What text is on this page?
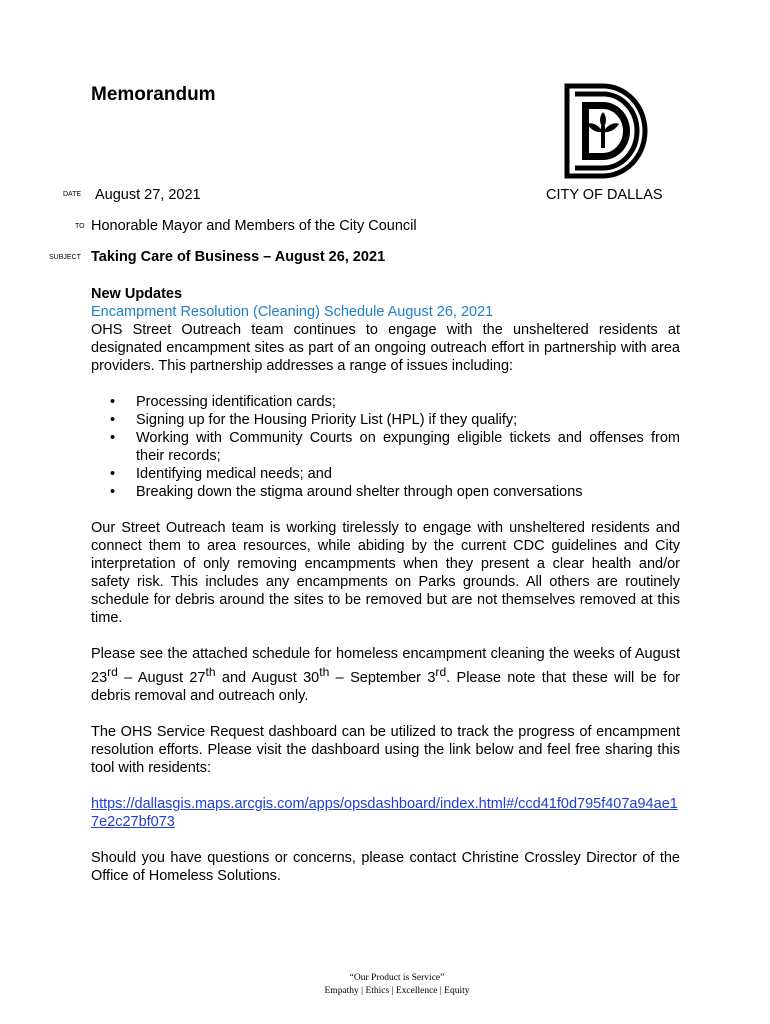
Memorandum
CITY OF DALLAS
DATE August 27, 2021
TO Honorable Mayor and Members of the City Council
SUBJECT Taking Care of Business – August 26, 2021
New Updates
Encampment Resolution (Cleaning) Schedule August 26, 2021

OHS Street Outreach team continues to engage with the unsheltered residents at designated encampment sites as part of an ongoing outreach effort in partnership with area providers. This partnership addresses a range of issues including:

• Processing identification cards;
• Signing up for the Housing Priority List (HPL) if they qualify;
• Working with Community Courts on expunging eligible tickets and offenses from their records;
• Identifying medical needs; and
• Breaking down the stigma around shelter through open conversations

Our Street Outreach team is working tirelessly to engage with unsheltered residents and connect them to area resources, while abiding by the current CDC guidelines and City interpretation of only removing encampments when they present a clear health and/or safety risk. This includes any encampments on Parks grounds. All others are routinely schedule for debris around the sites to be removed but are not themselves removed at this time.

Please see the attached schedule for homeless encampment cleaning the weeks of August 23rd – August 27th and August 30th – September 3rd. Please note that these will be for debris removal and outreach only.

The OHS Service Request dashboard can be utilized to track the progress of encampment resolution efforts. Please visit the dashboard using the link below and feel free sharing this tool with residents:

https://dallasgis.maps.arcgis.com/apps/opsdashboard/index.html#/ccd41f0d795f407a94ae17e2c27bf073

Should you have questions or concerns, please contact Christine Crossley Director of the Office of Homeless Solutions.

“Our Product is Service”
Empathy | Ethics | Excellence | Equity
